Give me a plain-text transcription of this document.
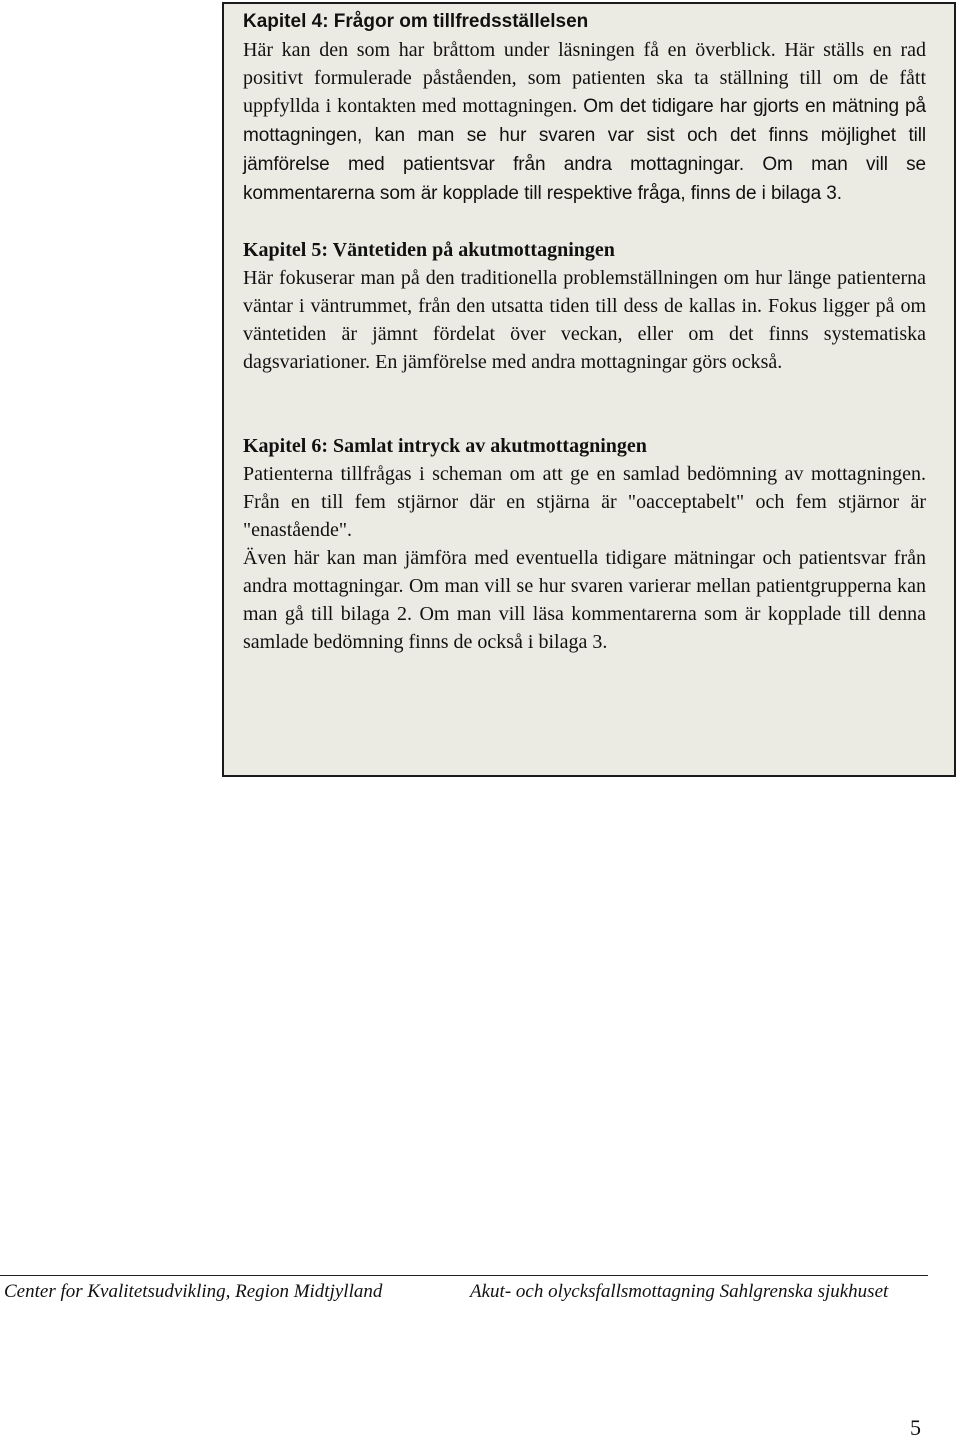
Kapitel 4: Frågor om tillfredsställelsen

Här kan den som har bråttom under läsningen få en överblick. Här ställs en rad positivt formulerade påståenden, som patienten ska ta ställning till om de fått uppfyllda i kontakten med mottagningen. Om det tidigare har gjorts en mätning på mottagningen, kan man se hur svaren var sist och det finns möjlighet till jämförelse med patientsvar från andra mottagningar. Om man vill se kommentarerna som är kopplade till respektive fråga, finns de i bilaga 3.

Kapitel 5: Väntetiden på akutmottagningen

Här fokuserar man på den traditionella problemställningen om hur länge patienterna väntar i väntrummet, från den utsatta tiden till dess de kallas in. Fokus ligger på om väntetiden är jämnt fördelat över veckan, eller om det finns systematiska dagsvariationer. En jämförelse med andra mottagningar görs också.

Kapitel 6: Samlat intryck av akutmottagningen

Patienterna tillfrågas i scheman om att ge en samlad bedömning av mottagningen. Från en till fem stjärnor där en stjärna är "oacceptabelt" och fem stjärnor är "enastående".

Även här kan man jämföra med eventuella tidigare mätningar och patientsvar från andra mottagningar. Om man vill se hur svaren varierar mellan patientgrupperna kan man gå till bilaga 2. Om man vill läsa kommentarerna som är kopplade till denna samlade bedömning finns de också i bilaga 3.

Center for Kvalitetsudvikling, Region Midtjylland	Akut- och olycksfallsmottagning Sahlgrenska sjukhuset
5
